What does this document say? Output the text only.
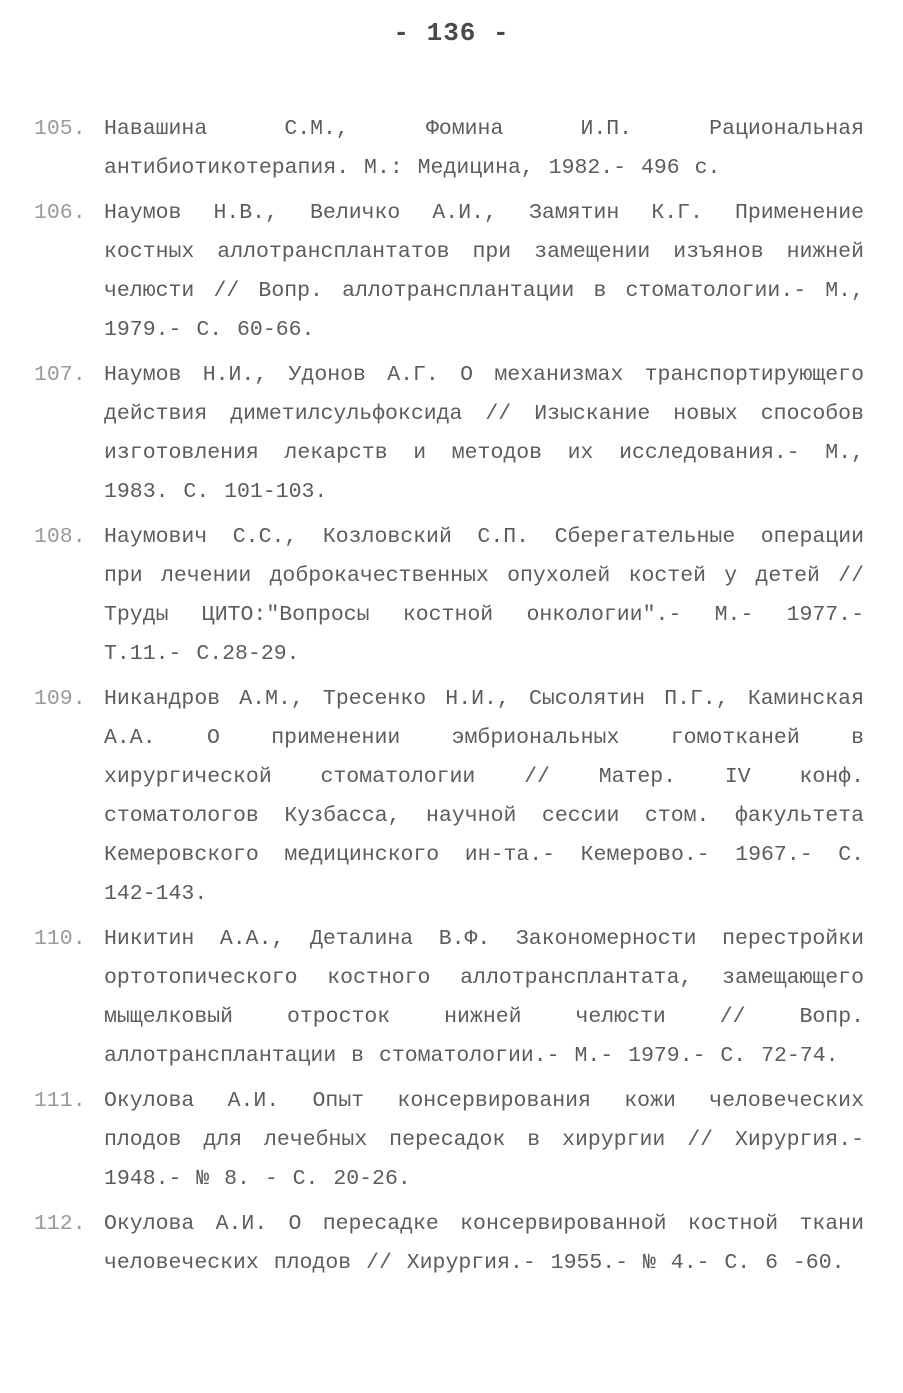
- 136 -
105. Навашина С.М., Фомина И.П. Рациональная антибиотикотерапия. М.: Медицина, 1982.- 496 с.
106. Наумов Н.В., Величко А.И., Замятин К.Г. Применение костных аллотрансплантатов при замещении изъянов нижней челюсти // Вопр. аллотрансплантации в стоматологии.- М., 1979.- С. 60-66.
107. Наумов Н.И., Удонов А.Г. О механизмах транспортирующего действия диметилсульфоксида // Изыскание новых способов изготовления лекарств и методов их исследования.- М., 1983. С. 101-103.
108. Наумович С.С., Козловский С.П. Сберегательные операции при лечении доброкачественных опухолей костей у детей // Труды ЦИТО:"Вопросы костной онкологии".- М.- 1977.- Т.11.- С.28-29.
109. Никандров А.М., Тресенко Н.И., Сысолятин П.Г., Каминская А.А. О применении эмбриональных гомотканей в хирургической стоматологии // Матер. IV конф. стоматологов Кузбасса, научной сессии стом. факультета Кемеровского медицинского ин-та.- Кемерово.- 1967.- С. 142-143.
110. Никитин А.А., Деталина В.Ф. Закономерности перестройки ортотопического костного аллотрансплантата, замещающего мыщелковый отросток нижней челюсти // Вопр. аллотрансплантации в стоматологии.- М.- 1979.- С. 72-74.
111. Окулова А.И. Опыт консервирования кожи человеческих плодов для лечебных пересадок в хирургии // Хирургия.- 1948.- № 8. - С. 20-26.
112. Окулова А.И. О пересадке консервированной костной ткани человеческих плодов // Хирургия.- 1955.- № 4.- С. 6 -60.
